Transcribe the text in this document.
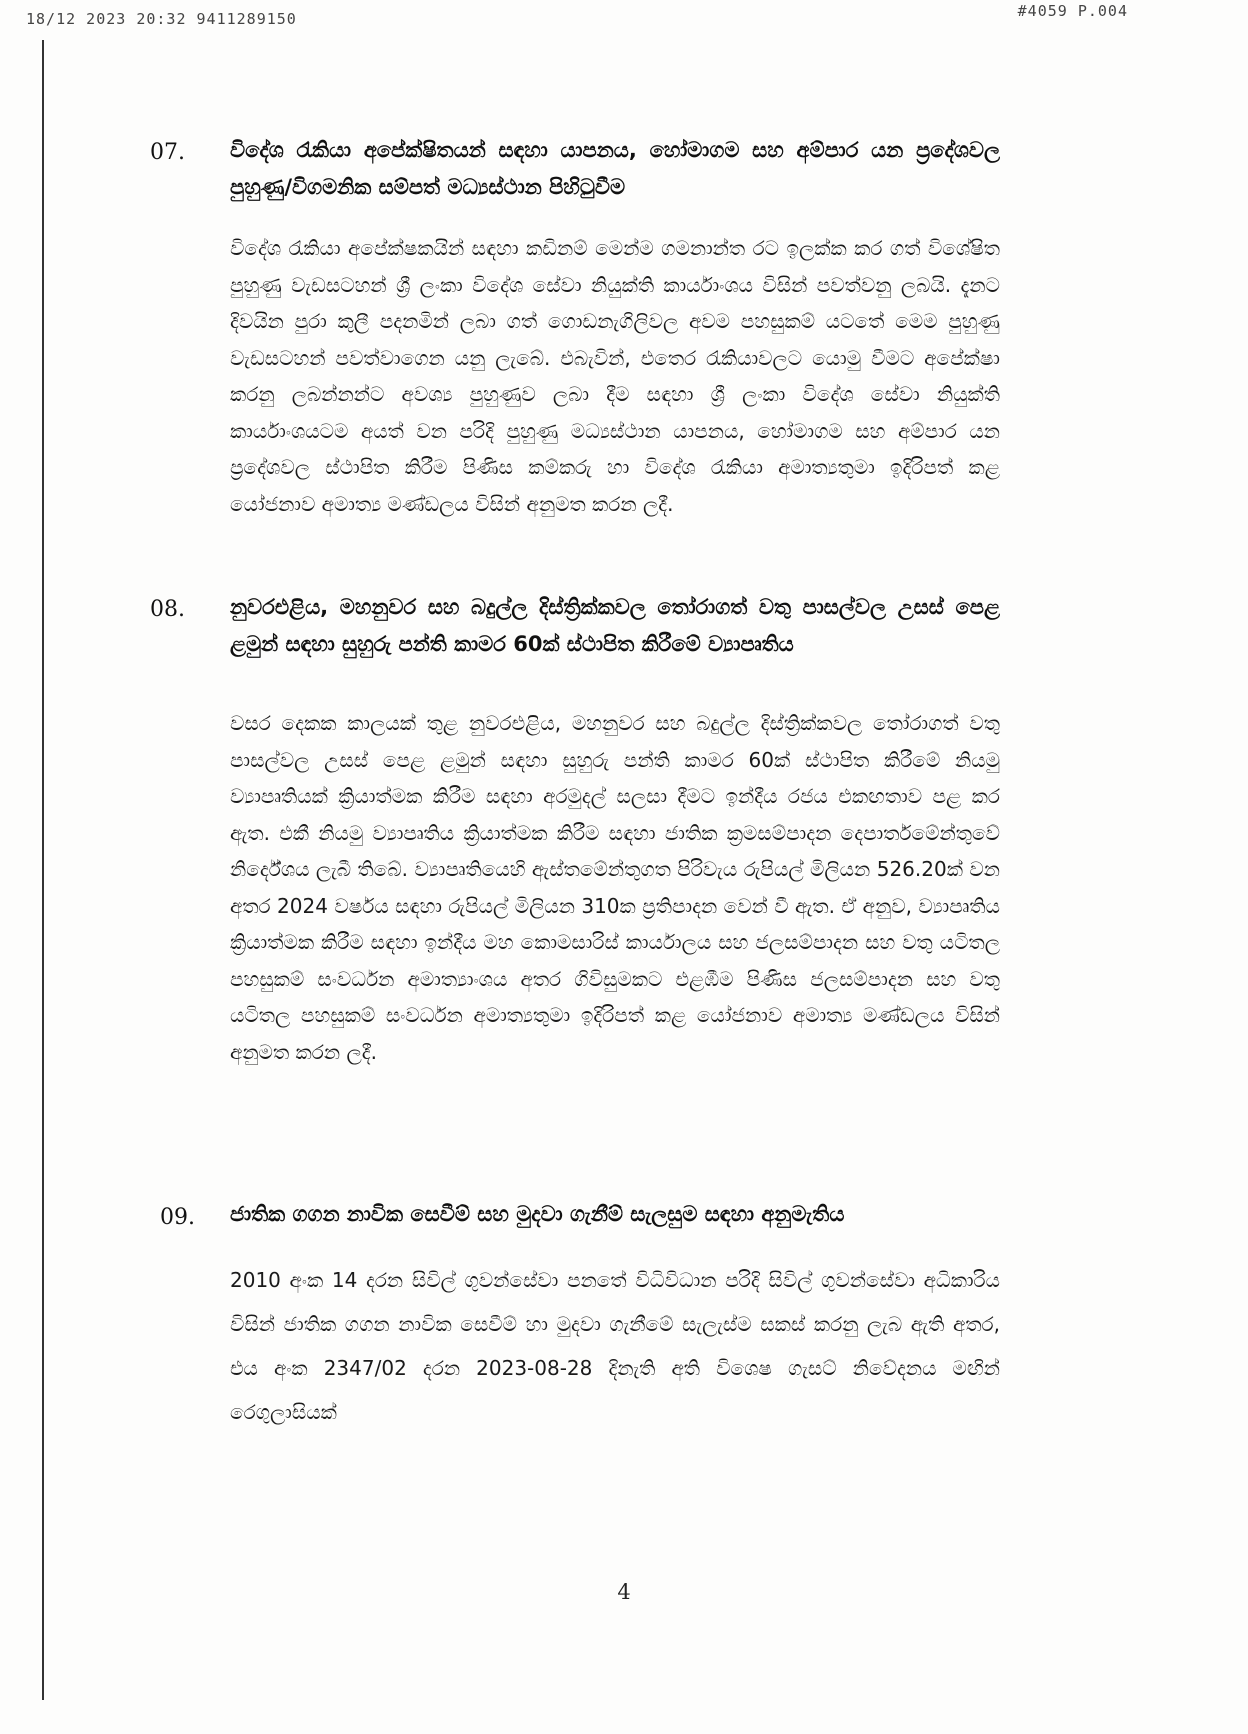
18/12 2023 20:32 9411289150	#4059 P.004
07. විදේශ රැකියා අපේක්ෂිතයන් සඳහා යාපනය, හෝමාගම සහ අම්පාර යන ප්‍රදේශවල පුහුණු/විගමනික සම්පත් මධ්‍යස්ථාන පිහිටුවීම
විදේශ රැකියා අපේක්ෂකයින් සඳහා කඩිනම් මෙන්ම ගමනාන්ත රට ඉලක්ක කර ගත් විශේෂිත පුහුණු වැඩසටහන් ශ්‍රී ලංකා විදේශ සේවා නියුක්ති කාර්යාංශය විසින් පවත්වනු ලබයි. දැනට දිවයින පුරා කුලී පදනමින් ලබා ගත් ගොඩනැගිලිවල අවම පහසුකම් යටතේ මෙම පුහුණු වැඩසටහන් පවත්වාගෙන යනු ලැබේ. එබැවින්, එතෙර රැකියාවලට යොමු වීමට අපේක්ෂා කරනු ලබන්නන්ට අවශ්‍ය පුහුණුව ලබා දීම සඳහා ශ්‍රී ලංකා විදේශ සේවා නියුක්ති කාර්යාංශයටම අයත් වන පරිදි පුහුණු මධ්‍යස්ථාන යාපනය, හෝමාගම සහ අම්පාර යන ප්‍රදේශවල ස්ථාපිත කිරීම පිණිස කම්කරු හා විදේශ රැකියා අමාත්‍යතුමා ඉදිරිපත් කළ යෝජනාව අමාත්‍ය මණ්ඩලය විසින් අනුමත කරන ලදී.
08. නුවරඑළිය, මහනුවර සහ බදුල්ල දිස්ත්‍රික්කවල තෝරාගත් වතු පාසල්වල උසස් පෙළ ළමුන් සඳහා සුහුරු පන්ති කාමර 60ක් ස්ථාපිත කිරීමේ ව්‍යාපෘතිය
වසර දෙකක කාලයක් තුළ නුවරඑළිය, මහනුවර සහ බදුල්ල දිස්ත්‍රික්කවල තෝරාගත් වතු පාසල්වල උසස් පෙළ ළමුන් සඳහා සුහුරු පන්ති කාමර 60ක් ස්ථාපිත කිරීමේ නියමු ව්‍යාපෘතියක් ක්‍රියාත්මක කිරීම සඳහා අරමුදල් සලසා දීමට ඉන්දීය රජය එකඟතාව පළ කර ඇත. එකී නියමු ව්‍යාපෘතිය ක්‍රියාත්මක කිරීම සඳහා ජාතික ක්‍රමසම්පාදන දෙපාර්තමේන්තුවේ නිර්දේශය ලැබී තිබේ. ව්‍යාපෘතියෙහි ඇස්තමේන්තුගත පිරිවැය රුපියල් මිලියන 526.20ක් වන අතර 2024 වර්ෂය සඳහා රුපියල් මිලියන 310ක ප්‍රතිපාදන වෙන් වී ඇත. ඒ අනුව, ව්‍යාපෘතිය ක්‍රියාත්මක කිරීම සඳහා ඉන්දීය මහ කොමසාරිස් කාර්යාලය සහ ජලසම්පාදන සහ වතු යටිතල පහසුකම් සංවර්ධන අමාත්‍යාංශය අතර ගිවිසුමකට එළඹීම පිණිස ජලසම්පාදන සහ වතු යටිතල පහසුකම් සංවර්ධන අමාත්‍යතුමා ඉදිරිපත් කළ යෝජනාව අමාත්‍ය මණ්ඩලය විසින් අනුමත කරන ලදී.
09. ජාතික ගගන නාවික සෙවීම් සහ මුදවා ගැනීම් සැලසුම සඳහා අනුමැතිය
2010 අංක 14 දරන සිවිල් ගුවන්සේවා පනතේ විධිවිධාන පරිදි සිවිල් ගුවන්සේවා අධිකාරිය විසින් ජාතික ගගන නාවික සෙවීම් හා මුදවා ගැනීමේ සැලැස්ම සකස් කරනු ලැබ ඇති අතර, එය අංක 2347/02 දරන 2023-08-28 දිනැති අති විශෙෂ ගැසට් නිවේදනය මඟින් රෙගුලාසියක්
4
